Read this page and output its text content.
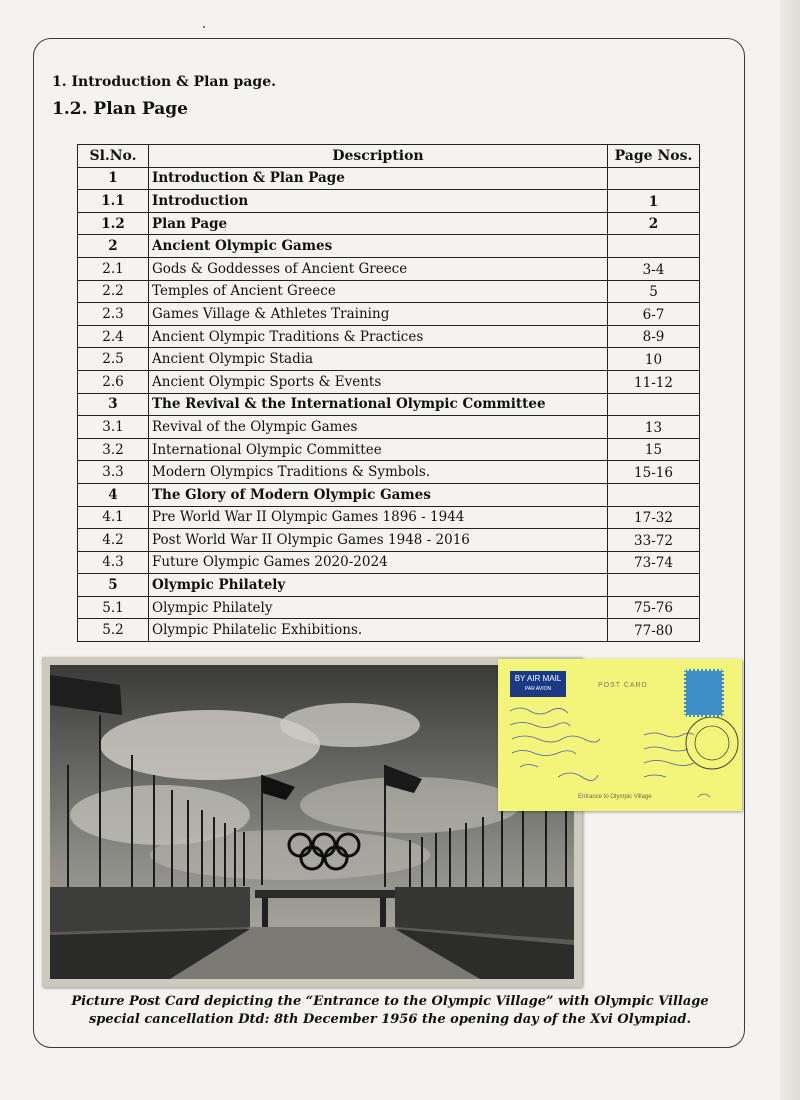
1. Introduction & Plan page.
1.2. Plan Page
Sl.No.	Description	Page Nos.
1	Introduction & Plan Page	
1.1	Introduction	1
1.2	Plan Page	2
2	Ancient Olympic Games	
2.1	Gods & Goddesses of Ancient Greece	3-4
2.2	Temples of Ancient Greece	5
2.3	Games Village & Athletes Training	6-7
2.4	Ancient Olympic Traditions & Practices	8-9
2.5	Ancient Olympic Stadia	10
2.6	Ancient Olympic Sports & Events	11-12
3	The Revival & the International Olympic Committee	
3.1	Revival of the Olympic Games	13
3.2	International Olympic Committee	15
3.3	Modern Olympics Traditions & Symbols.	15-16
4	The Glory of Modern Olympic Games	
4.1	Pre World War II Olympic Games 1896 - 1944	17-32
4.2	Post World War II Olympic Games 1948 - 2016	33-72
4.3	Future Olympic Games 2020-2024	73-74
5	Olympic Philately	
5.1	Olympic Philately	75-76
5.2	Olympic Philatelic Exhibitions.	77-80
BY AIR MAIL
PAR AVION	POST CARD
Entrance to Olympic Village
Picture Post Card depicting the “Entrance to the Olympic Village” with Olympic Village
special cancellation Dtd: 8th December 1956 the opening day of the Xvi Olympiad.
